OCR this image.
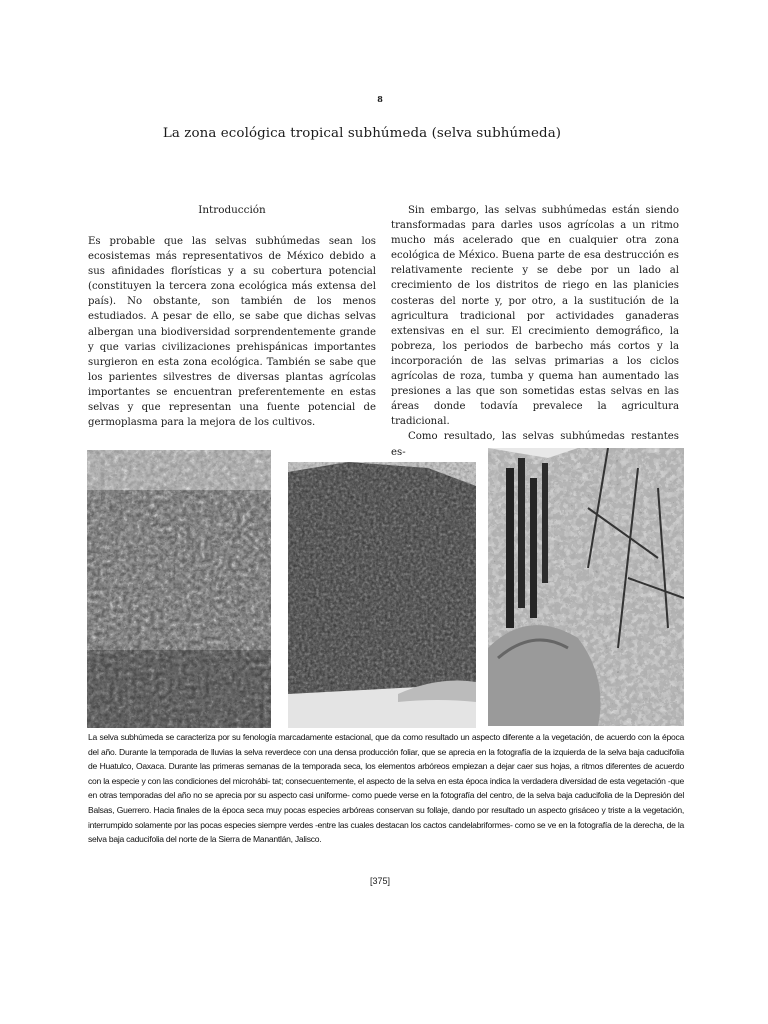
8
La zona ecológica tropical subhúmeda (selva subhúmeda)
Introducción

Es probable que las selvas subhúmedas sean los ecosistemas más representativos de México debido a sus afinidades florísticas y a su cobertura potencial (constituyen la tercera zona ecológica más extensa del país). No obstante, son también de los menos estudiados. A pesar de ello, se sabe que dichas selvas albergan una biodiversidad sorprendentemente grande y que varias civilizaciones prehispánicas importantes surgieron en esta zona ecológica. También se sabe que los parientes silvestres de diversas plantas agrícolas importantes se encuentran preferentemente en estas selvas y que representan una fuente potencial de germoplasma para la mejora de los cultivos.

Sin embargo, las selvas subhúmedas están siendo transformadas para darles usos agrícolas a un ritmo mucho más acelerado que en cualquier otra zona ecológica de México. Buena parte de esa destrucción es relativamente reciente y se debe por un lado al crecimiento de los distritos de riego en las planicies costeras del norte y, por otro, a la sustitución de la agricultura tradicional por actividades ganaderas extensivas en el sur. El crecimiento demográfico, la pobreza, los periodos de barbecho más cortos y la incorporación de las selvas primarias a los ciclos agrícolas de roza, tumba y quema han aumentado las presiones a las que son sometidas estas selvas en las áreas donde todavía prevalece la agricultura tradicional.

Como resultado, las selvas subhúmedas restantes es-

La selva subhúmeda se caracteriza por su fenología marcadamente estacional, que da como resultado un aspecto diferente a la vegetación, de acuerdo con la época del año. Durante la temporada de lluvias la selva reverdece con una densa producción foliar, que se aprecia en la fotografía de la izquierda de la selva baja caducifolia de Huatulco, Oaxaca. Durante las primeras semanas de la temporada seca, los elementos arbóreos empiezan a dejar caer sus hojas, a ritmos diferentes de acuerdo con la especie y con las condiciones del microhábi- tat; consecuentemente, el aspecto de la selva en esta época indica la verdadera diversidad de esta vegetación -que en otras temporadas del año no se aprecia por su aspecto casi uniforme- como puede verse en la fotografía del centro, de la selva baja caducifolia de la Depresión del Balsas, Guerrero. Hacia finales de la época seca muy pocas especies arbóreas conservan su follaje, dando por resultado un aspecto grisáceo y triste a la vegetación, interrumpido solamente por las pocas especies siempre verdes -entre las cuales destacan los cactos candelabriformes- como se ve en la fotografía de la derecha, de la selva baja caducifolia del norte de la Sierra de Manantlán, Jalisco.
[375]
